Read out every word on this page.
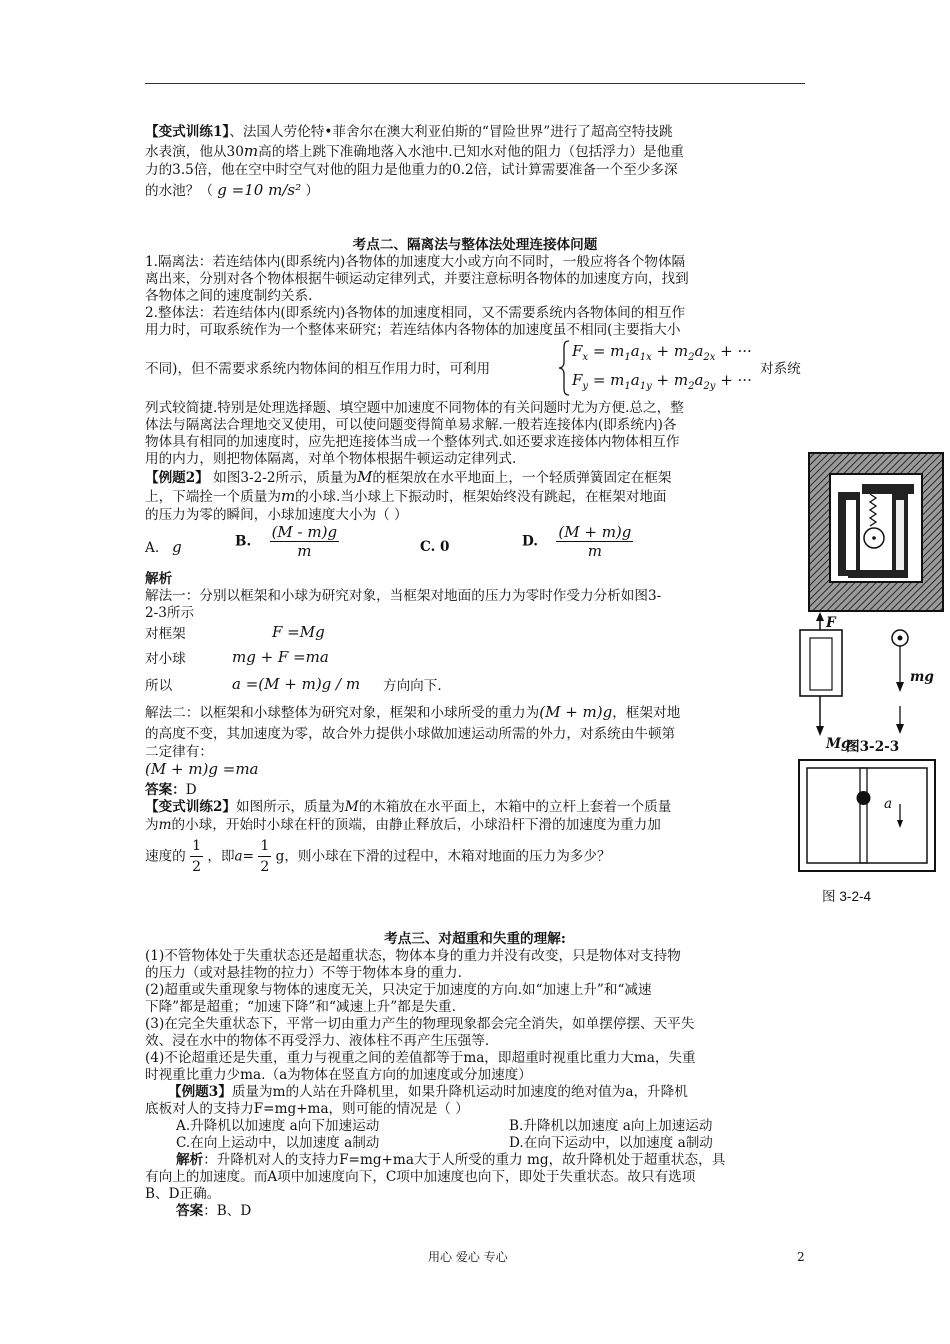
【变式训练1】、法国人劳伦特•菲舍尔在澳大利亚伯斯的“冒险世界”进行了超高空特技跳
水表演，他从30m高的塔上跳下准确地落入水池中.已知水对他的阻力（包括浮力）是他重
力的3.5倍，他在空中时空气对他的阻力是他重力的0.2倍，试计算需要准备一个至少多深
的水池？（ g =10 m/s² ）
考点二、隔离法与整体法处理连接体问题
1.隔离法：若连结体内(即系统内)各物体的加速度大小或方向不同时，一般应将各个物体隔
离出来，分别对各个物体根据牛顿运动定律列式，并要注意标明各物体的加速度方向，找到
各物体之间的速度制约关系.
2.整体法：若连结体内(即系统内)各物体的加速度相同，又不需要系统内各物体间的相互作
用力时，可取系统作为一个整体来研究；若连结体内各物体的加速度虽不相同(主要指大小
不同)，但不需要求系统内物体间的相互作用力时，可利用
$F_x = m_1a_{1x} + m_2a_{2x}$ + ···
$F_y = m_1a_{1y} + m_2a_{2y}$ + ···
对系统
列式较简捷.特别是处理选择题、填空题中加速度不同物体的有关问题时尤为方便.总之，整
体法与隔离法合理地交叉使用，可以使问题变得简单易求解.一般若连接体内(即系统内)各
物体具有相同的加速度时，应先把连接体当成一个整体列式.如还要求连接体内物体相互作
用的内力，则把物体隔离，对单个物体根据牛顿运动定律列式.
【例题2】 如图3-2-2所示，质量为M的框架放在水平地面上，一个轻质弹簧固定在框架
上，下端拴一个质量为m的小球.当小球上下振动时，框架始终没有跳起，在框架对地面
的压力为零的瞬间，小球加速度大小为（ ）
A. g	B. $\frac{(M - m)g}{m}$	C. 0	D. $\frac{(M + m)g}{m}$
解析
解法一：分别以框架和小球为研究对象，当框架对地面的压力为零时作受力分析如图3-
2-3所示
对框架	F =Mg
对小球	mg + F =ma
所以	a =(M + m)g / m 方向向下.
解法二：以框架和小球整体为研究对象，框架和小球所受的重力为(M + m)g，框架对地
的高度不变，其加速度为零，故合外力提供小球做加速运动所需的外力，对系统由牛顿第
二定律有：
(M + m)g =ma
答案：D
【变式训练2】如图所示，质量为M的木箱放在水平面上，木箱中的立杆上套着一个质量
为m的小球，开始时小球在杆的顶端，由静止释放后，小球沿杆下滑的加速度为重力加
速度的 $\frac{1}{2}$ ，即$a= \frac{1}{2}$ g，则小球在下滑的过程中，木箱对地面的压力为多少？
考点三、对超重和失重的理解:
(1)不管物体处于失重状态还是超重状态，物体本身的重力并没有改变，只是物体对支持物
的压力（或对悬挂物的拉力）不等于物体本身的重力.
(2)超重或失重现象与物体的速度无关，只决定于加速度的方向.如“加速上升”和“减速
下降”都是超重；“加速下降”和“减速上升”都是失重.
(3)在完全失重状态下，平常一切由重力产生的物理现象都会完全消失，如单摆停摆、天平失
效、浸在水中的物体不再受浮力、液体柱不再产生压强等.
(4)不论超重还是失重，重力与视重之间的差值都等于ma，即超重时视重比重力大ma，失重
时视重比重力少ma.（a为物体在竖直方向的加速度或分加速度）
【例题3】质量为m的人站在升降机里，如果升降机运动时加速度的绝对值为a，升降机
底板对人的支持力F=mg+ma，则可能的情况是（ ）
A.升降机以加速度 a向下加速运动	B.升降机以加速度 a向上加速运动
C.在向上运动中，以加速度 a制动	D.在向下运动中，以加速度 a制动
解析：升降机对人的支持力F=mg+ma大于人所受的重力 mg，故升降机处于超重状态，具
有向上的加速度。而A项中加速度向下，C项中加速度也向下，即处于失重状态。故只有选项
B、D正确。
答案：B、D
F
Mg
mg
图3-2-3
a
图 3-2-4
用心 爱心 专心	2
